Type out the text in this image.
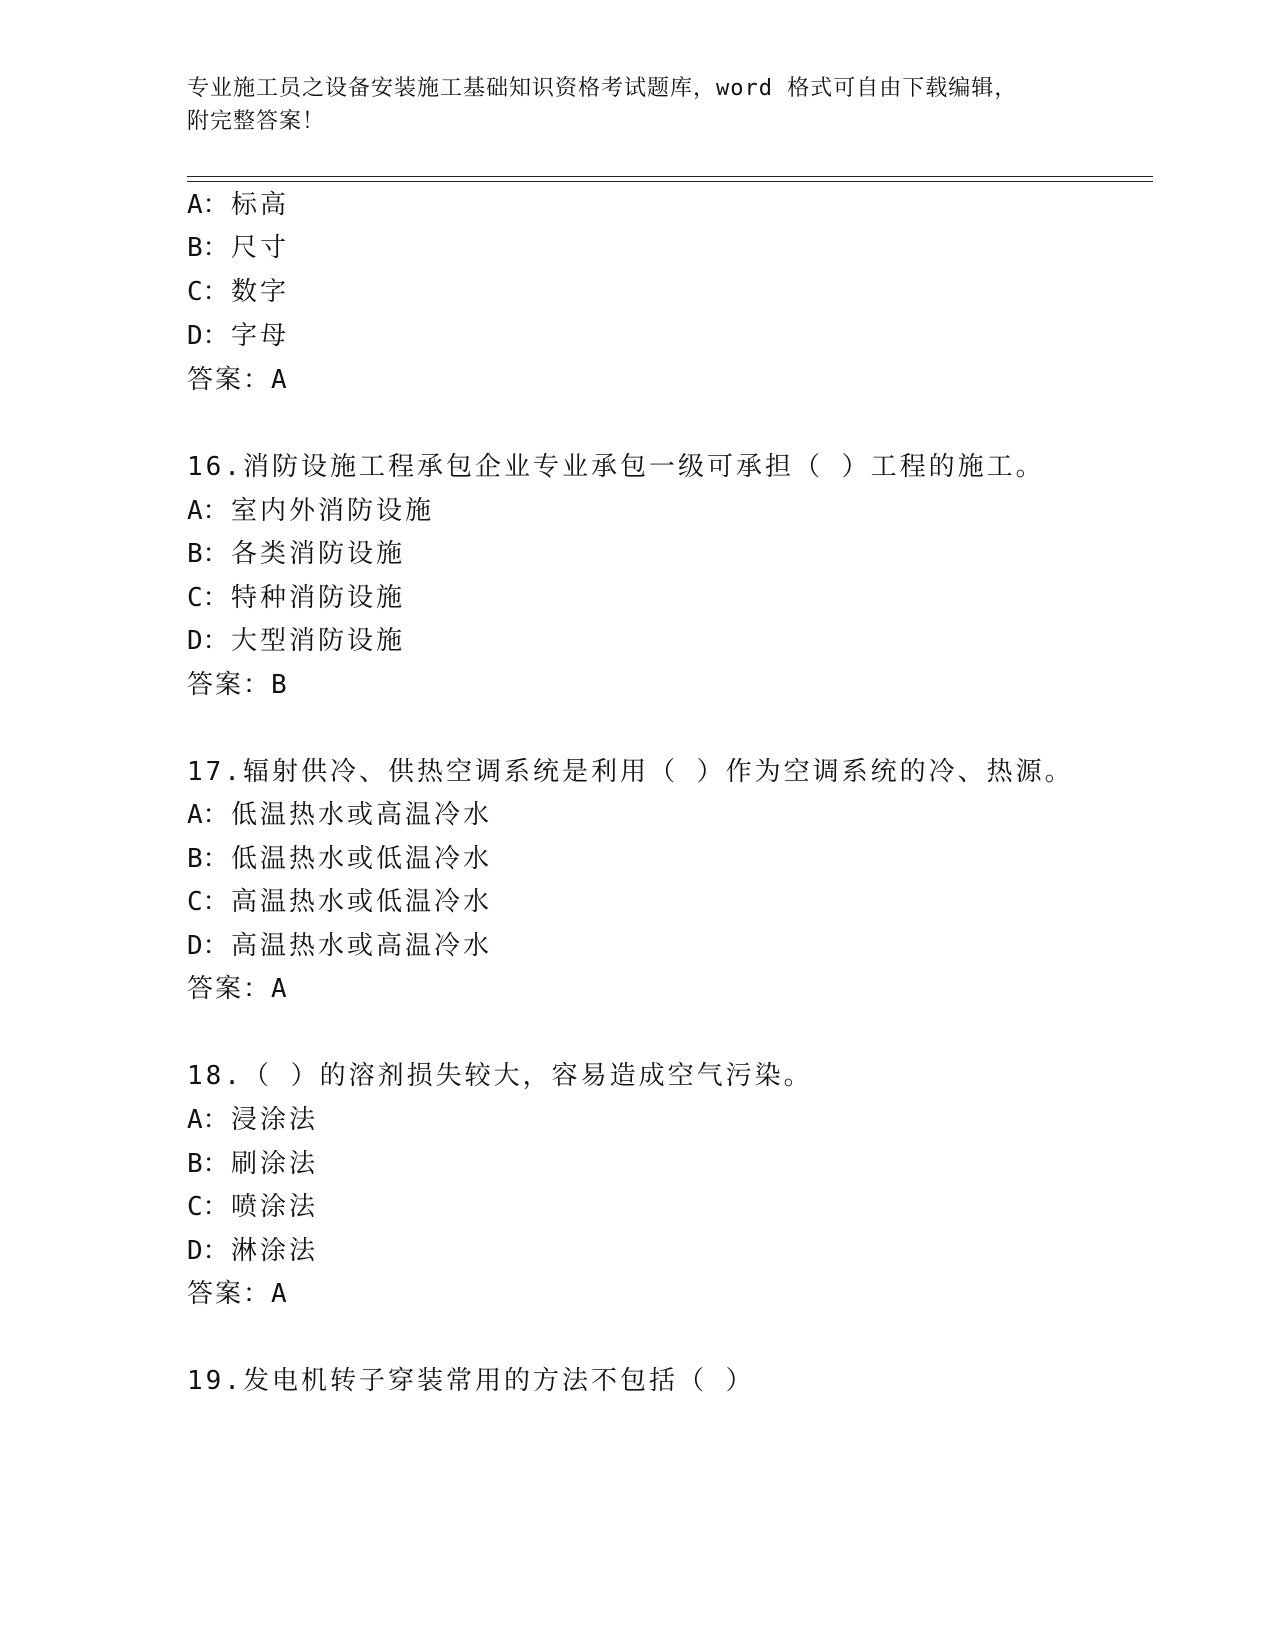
专业施工员之设备安装施工基础知识资格考试题库，word 格式可自由下载编辑，
附完整答案！
A：标高
B：尺寸
C：数字
D：字母
答案：A
16.消防设施工程承包企业专业承包一级可承担（ ）工程的施工。
A：室内外消防设施
B：各类消防设施
C：特种消防设施
D：大型消防设施
答案：B
17.辐射供冷、供热空调系统是利用（ ）作为空调系统的冷、热源。
A：低温热水或高温冷水
B：低温热水或低温冷水
C：高温热水或低温冷水
D：高温热水或高温冷水
答案：A
18.（ ）的溶剂损失较大，容易造成空气污染。
A：浸涂法
B：刷涂法
C：喷涂法
D：淋涂法
答案：A
19.发电机转子穿装常用的方法不包括（ ）
